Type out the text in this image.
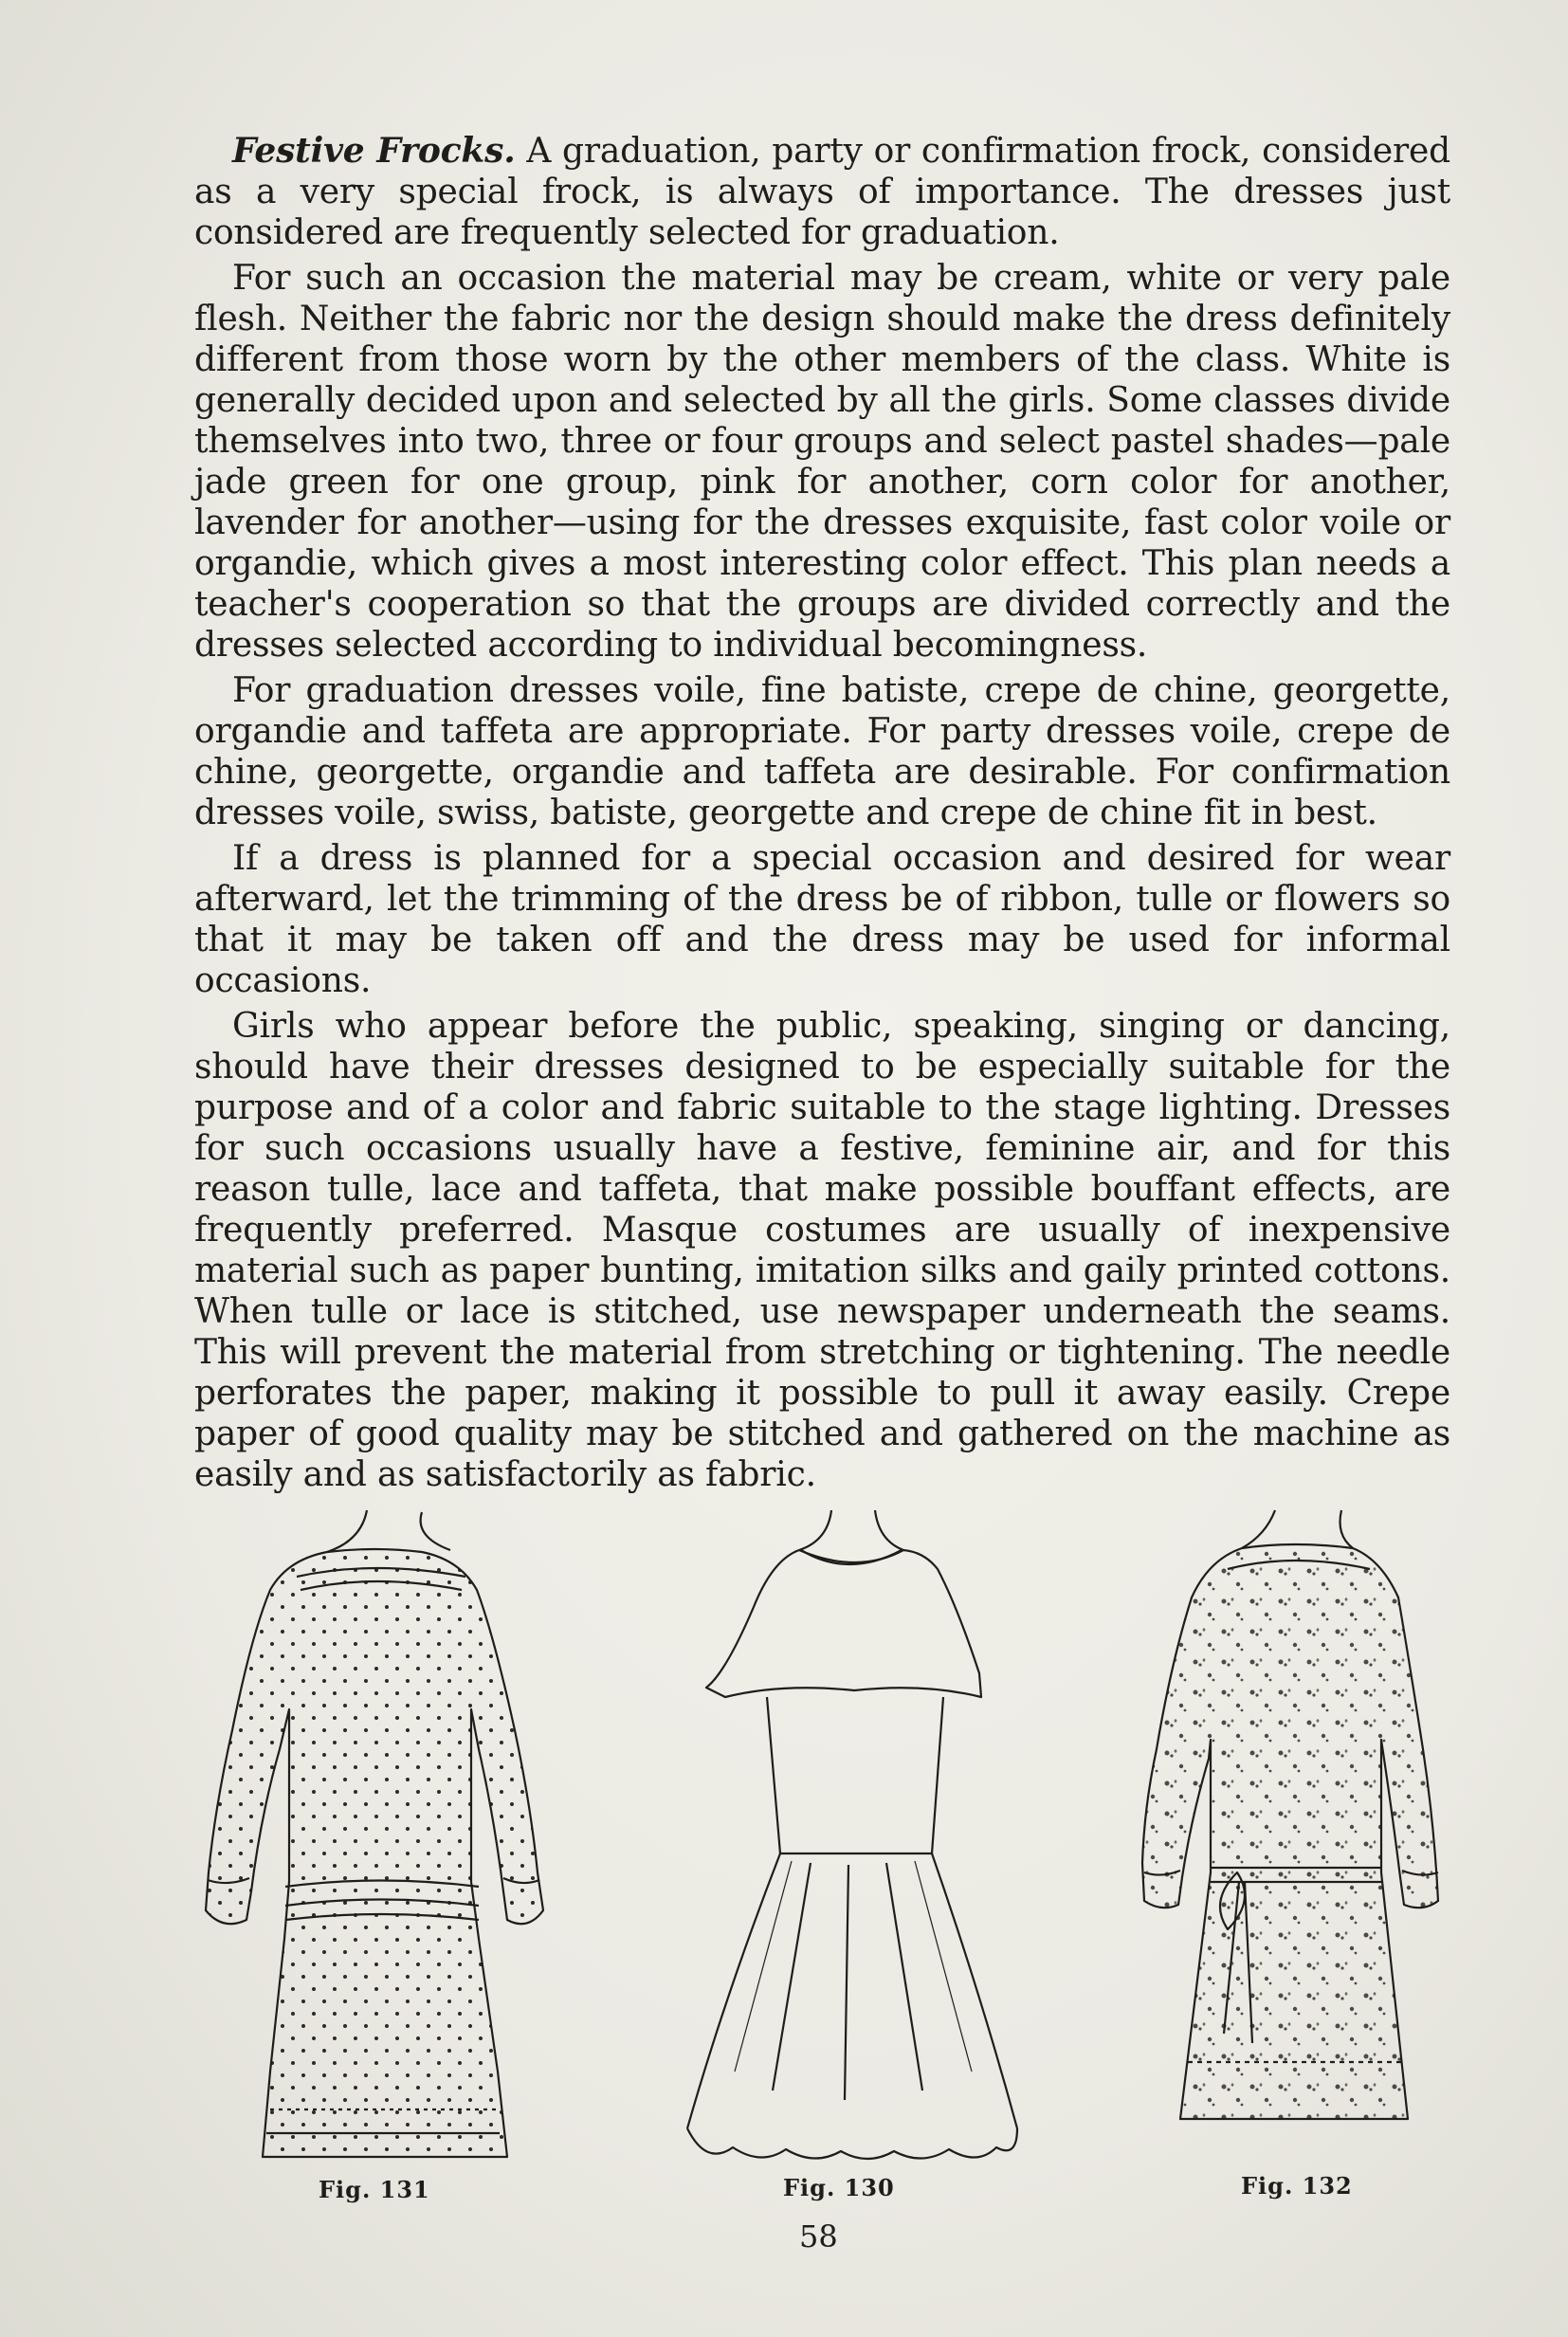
Festive Frocks. A graduation, party or confirmation frock, considered as a very special frock, is always of importance. The dresses just considered are frequently selected for graduation.

For such an occasion the material may be cream, white or very pale flesh. Neither the fabric nor the design should make the dress definitely different from those worn by the other members of the class. White is generally decided upon and selected by all the girls. Some classes divide themselves into two, three or four groups and select pastel shades—pale jade green for one group, pink for another, corn color for another, lavender for another—using for the dresses exquisite, fast color voile or organdie, which gives a most interesting color effect. This plan needs a teacher's cooperation so that the groups are divided correctly and the dresses selected according to individual becomingness.

For graduation dresses voile, fine batiste, crepe de chine, georgette, organdie and taffeta are appropriate. For party dresses voile, crepe de chine, georgette, organdie and taffeta are desirable. For confirmation dresses voile, swiss, batiste, georgette and crepe de chine fit in best.

If a dress is planned for a special occasion and desired for wear afterward, let the trimming of the dress be of ribbon, tulle or flowers so that it may be taken off and the dress may be used for informal occasions.

Girls who appear before the public, speaking, singing or dancing, should have their dresses designed to be especially suitable for the purpose and of a color and fabric suitable to the stage lighting. Dresses for such occasions usually have a festive, feminine air, and for this reason tulle, lace and taffeta, that make possible bouffant effects, are frequently preferred. Masque costumes are usually of inexpensive material such as paper bunting, imitation silks and gaily printed cottons. When tulle or lace is stitched, use newspaper underneath the seams. This will prevent the material from stretching or tightening. The needle perforates the paper, making it possible to pull it away easily. Crepe paper of good quality may be stitched and gathered on the machine as easily and as satisfactorily as fabric.

Fig. 131	Fig. 130	Fig. 132
58
